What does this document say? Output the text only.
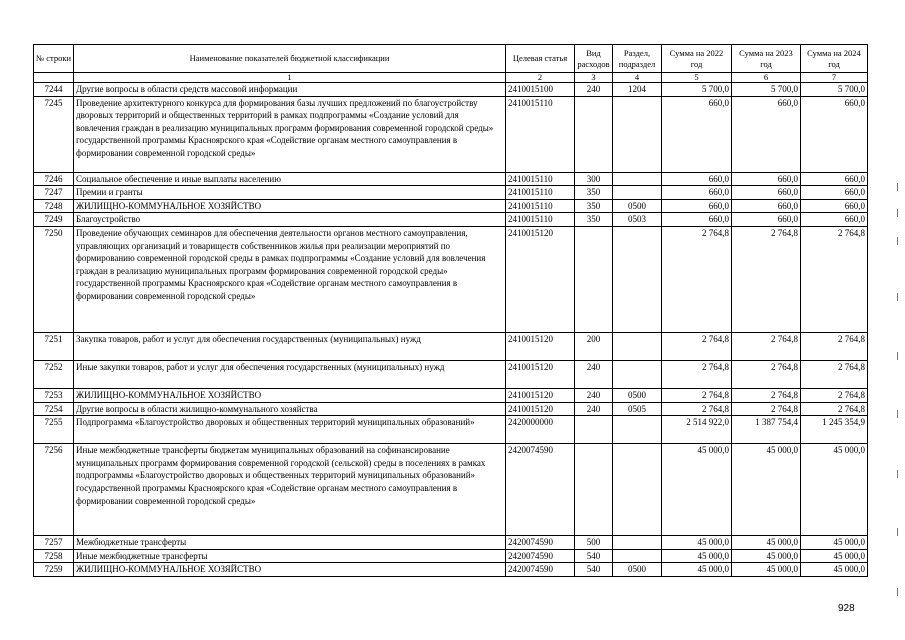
№ строки	Наименование показателей бюджетной классификации	Целевая статья	Вид расходов	Раздел, подраздел	Сумма на 2022 год	Сумма на 2023 год	Сумма на 2024 год
	1	2	3	4	5	6	7
7244	Другие вопросы в области средств массовой информации	2410015100	240	1204	5 700,0	5 700,0	5 700,0
7245	Проведение архитектурного конкурса для формирования базы лучших предложений по благоустройству дворовых территорий и общественных территорий в рамках подпрограммы «Создание условий для вовлечения граждан в реализацию муниципальных программ формирования современной городской среды» государственной программы Красноярского края «Содействие органам местного самоуправления в формировании современной городской среды»	2410015110			660,0	660,0	660,0
7246	Социальное обеспечение и иные выплаты населению	2410015110	300		660,0	660,0	660,0
7247	Премии и гранты	2410015110	350		660,0	660,0	660,0
7248	ЖИЛИЩНО-КОММУНАЛЬНОЕ ХОЗЯЙСТВО	2410015110	350	0500	660,0	660,0	660,0
7249	Благоустройство	2410015110	350	0503	660,0	660,0	660,0
7250	Проведение обучающих семинаров для обеспечения деятельности органов местного самоуправления, управляющих организаций и товариществ собственников жилья при реализации мероприятий по формированию современной городской среды в рамках подпрограммы «Создание условий для вовлечения граждан в реализацию муниципальных программ формирования современной городской среды» государственной программы Красноярского края «Содействие органам местного самоуправления в формировании современной городской среды»	2410015120			2 764,8	2 764,8	2 764,8
7251	Закупка товаров, работ и услуг для обеспечения государственных (муниципальных) нужд	2410015120	200		2 764,8	2 764,8	2 764,8
7252	Иные закупки товаров, работ и услуг для обеспечения государственных (муниципальных) нужд	2410015120	240		2 764,8	2 764,8	2 764,8
7253	ЖИЛИЩНО-КОММУНАЛЬНОЕ ХОЗЯЙСТВО	2410015120	240	0500	2 764,8	2 764,8	2 764,8
7254	Другие вопросы в области жилищно-коммунального хозяйства	2410015120	240	0505	2 764,8	2 764,8	2 764,8
7255	Подпрограмма «Благоустройство дворовых и общественных территорий муниципальных образований»	2420000000			2 514 922,0	1 387 754,4	1 245 354,9
7256	Иные межбюджетные трансферты бюджетам муниципальных образований на софинансирование муниципальных программ формирования современной городской (сельской) среды в поселениях в рамках подпрограммы «Благоустройство дворовых и общественных территорий муниципальных образований» государственной программы Красноярского края «Содействие органам местного самоуправления в формировании современной городской среды»	2420074590			45 000,0	45 000,0	45 000,0
7257	Межбюджетные трансферты	2420074590	500		45 000,0	45 000,0	45 000,0
7258	Иные межбюджетные трансферты	2420074590	540		45 000,0	45 000,0	45 000,0
7259	ЖИЛИЩНО-КОММУНАЛЬНОЕ ХОЗЯЙСТВО	2420074590	540	0500	45 000,0	45 000,0	45 000,0
928
